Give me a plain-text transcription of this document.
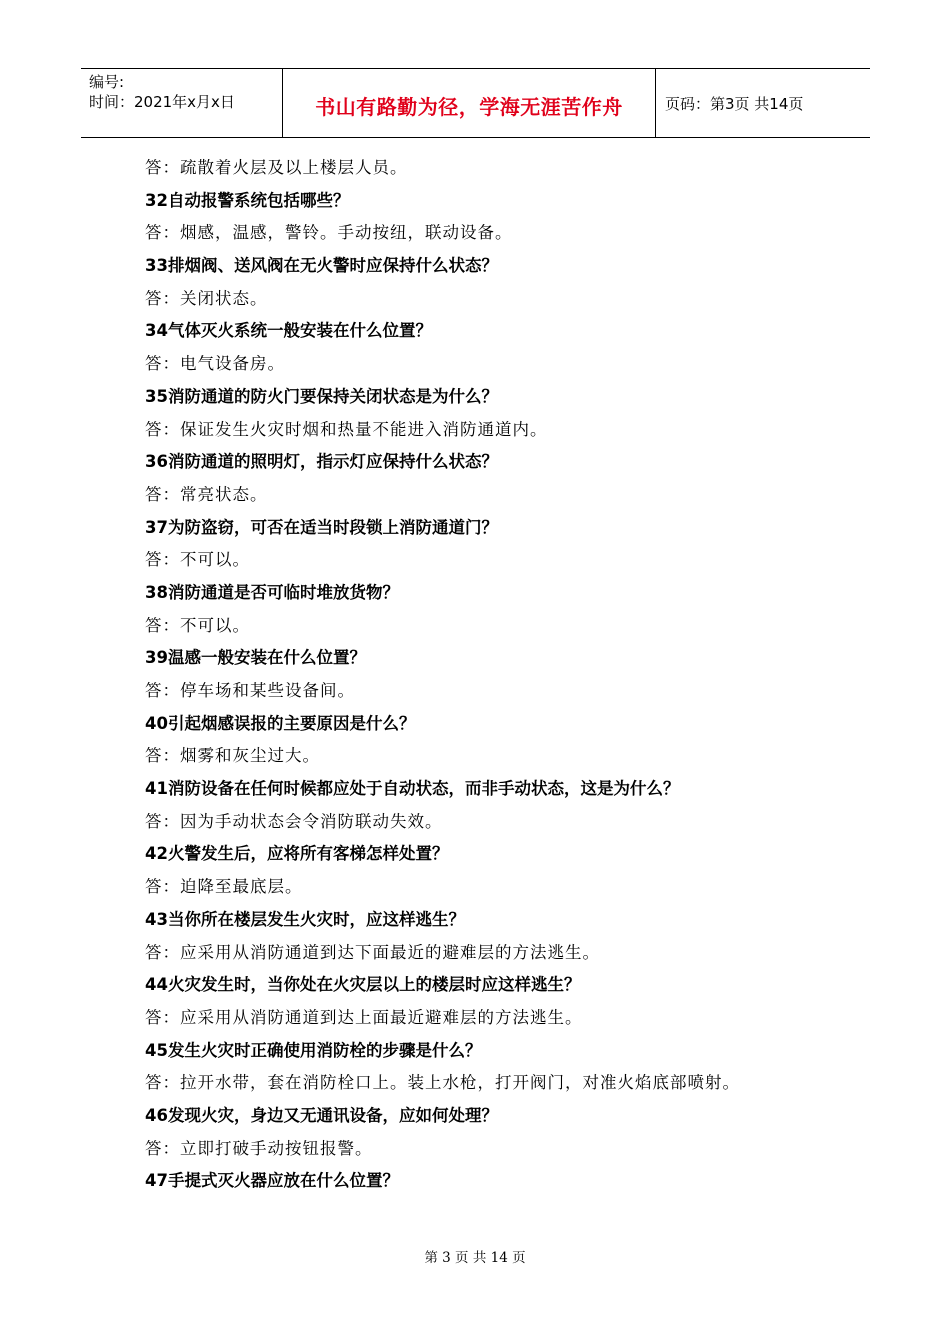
编号:
时间：2021年x月x日	书山有路勤为径，学海无涯苦作舟	页码：第3页 共14页
答：疏散着火层及以上楼层人员。
32自动报警系统包括哪些？
答：烟感，温感，警铃。手动按纽，联动设备。
33排烟阀、送风阀在无火警时应保持什么状态？
答：关闭状态。
34气体灭火系统一般安装在什么位置？
答：电气设备房。
35消防通道的防火门要保持关闭状态是为什么？
答：保证发生火灾时烟和热量不能进入消防通道内。
36消防通道的照明灯，指示灯应保持什么状态？
答：常亮状态。
37为防盗窃，可否在适当时段锁上消防通道门？
答：不可以。
38消防通道是否可临时堆放货物？
答：不可以。
39温感一般安装在什么位置？
答：停车场和某些设备间。
40引起烟感误报的主要原因是什么？
答：烟雾和灰尘过大。
41消防设备在任何时候都应处于自动状态，而非手动状态，这是为什么？
答：因为手动状态会令消防联动失效。
42火警发生后，应将所有客梯怎样处置？
答：迫降至最底层。
43当你所在楼层发生火灾时，应这样逃生？
答：应采用从消防通道到达下面最近的避难层的方法逃生。
44火灾发生时，当你处在火灾层以上的楼层时应这样逃生？
答：应采用从消防通道到达上面最近避难层的方法逃生。
45发生火灾时正确使用消防栓的步骤是什么？
答：拉开水带，套在消防栓口上。装上水枪，打开阀门，对准火焰底部喷射。
46发现火灾，身边又无通讯设备，应如何处理？
答：立即打破手动按钮报警。
47手提式灭火器应放在什么位置？
第 3 页 共 14 页
